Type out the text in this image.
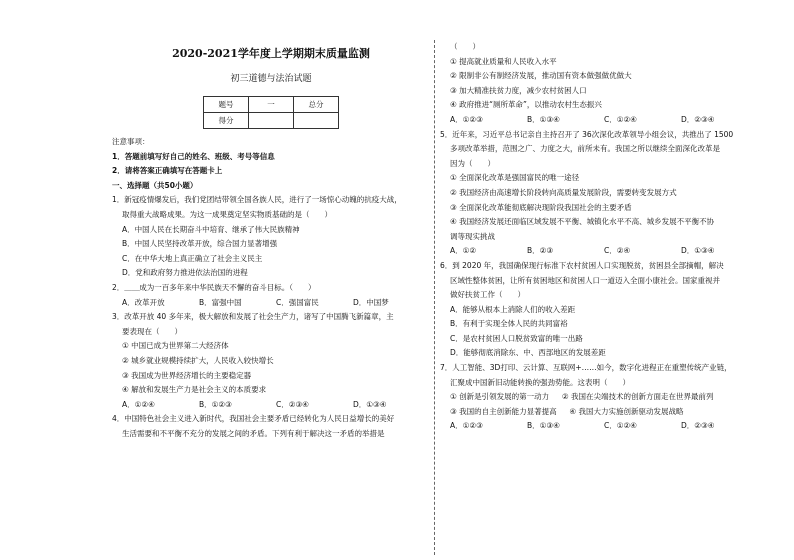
2020-2021学年度上学期期末质量监测

初三道德与法治试题

题号	一	总分
得分		

注意事项：

1．答题前填写好自己的姓名、班级、考号等信息

2．请将答案正确填写在答题卡上

一、选择题（共50小题）

1．新冠疫情爆发后，我们党团结带领全国各族人民，进行了一场惊心动魄的抗疫大战，

取得重大战略成果。为这一成果奠定坚实物质基础的是（　　）

A．中国人民在长期奋斗中培育、继承了伟大民族精神

B．中国人民坚持改革开放，综合国力显著增强

C．在中华大地上真正确立了社会主义民主

D．党和政府努力推进依法治国的进程

2．＿＿成为一百多年来中华民族天不懈的奋斗目标。（　　）

A．改革开放	B．富强中国	C．强国富民	D．中国梦

3．改革开放 40 多年来，极大解放和发展了社会生产力，诸写了中国腾飞新篇章，主

要表现在（　　）

① 中国已成为世界第二大经济体

② 城乡就业规模持续扩大，人民收入较快增长

③ 我国成为世界经济增长的主要稳定器

④ 解放和发展生产力是社会主义的本质要求

A．①②④	B．①②③	C．②③④	D．①③④

4．中国特色社会主义进入新时代，我国社会主要矛盾已经转化为人民日益增长的美好

生活需要和不平衡不充分的发展之间的矛盾。下列有利于解决这一矛盾的举措是

（　　）

① 提高就业质量和人民收入水平

② 限制非公有制经济发展，推动国有资本做强做优做大

③ 加大精准扶贫力度，减少农村贫困人口

④ 政府推进“厕所革命”，以推动农村生态振兴

A．①②③	B．①③④	C．①②④	D．②③④

5．近年来，习近平总书记亲自主持召开了 36次深化改革领导小组会议，共推出了 1500

多项改革举措，范围之广、力度之大，前所未有。我国之所以继续全面深化改革是

因为（　　）

① 全面深化改革是强国富民的唯一途径

② 我国经济由高速增长阶段转向高质量发展阶段，需要转变发展方式

③ 全面深化改革能彻底解决现阶段我国社会的主要矛盾

④ 我国经济发展还面临区域发展不平衡、城镇化水平不高、城乡发展不平衡不协

调等现实挑战

A．①②	B．②③	C．②④	D．①③④

6．到 2020 年，我国确保现行标准下农村贫困人口实现脱贫，贫困县全部摘帽，解决

区域性整体贫困，让所有贫困地区和贫困人口一道迈入全面小康社会。国家重视并

做好扶贫工作（　　）

A．能够从根本上消除人们的收入差距

B．有利于实现全体人民的共同富裕

C．是农村贫困人口脱贫致富的唯一出路

D．能够彻底消除东、中、西部地区的发展差距

7．人工智能、3D打印、云计算、互联网+……如今，数字化进程正在重塑传统产业链，

汇聚成中国新旧动能转换的强劲势能。这表明（　　）

① 创新是引领发展的第一动力 ② 我国在尖端技术的创新方面走在世界最前列

③ 我国的自主创新能力显著提高 ④ 我国大力实施创新驱动发展战略

A．①②③	B．①③④	C．①②④	D．②③④
